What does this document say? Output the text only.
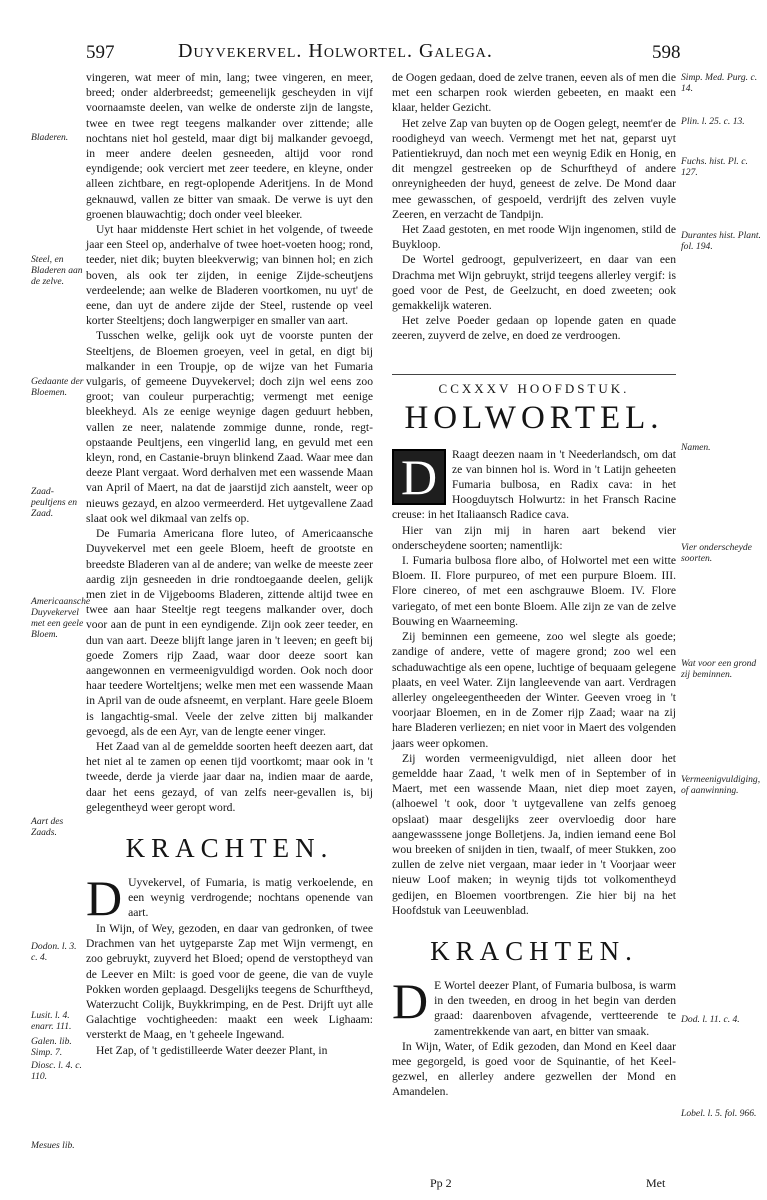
597	Duyvekervel. Holwortel. Galega.	598

vingeren, wat meer of min, lang; twee vingeren, en meer, breed; onder alderbreedst; gemeenelijk gescheyden in vijf voornaamste deelen, van welke de onderste zijn de langste, twee en twee regt teegens malkander over zittende; alle nochtans niet hol gesteld, maar digt bij malkander gevoegd, in meer andere deelen gesneeden, altijd voor rond eyndigende; ook verciert met zeer teedere, en kleyne, onder alleen zichtbare, en regt-oplopende Aderitjens. In de Mond geknauwd, vallen ze bitter van smaak. De verwe is uyt den groenen blauwachtig; doch onder veel bleeker.

Uyt haar middenste Hert schiet in het volgende, of tweede jaar een Steel op, anderhalve of twee hoet-voeten hoog; rond, teeder, niet dik; buyten bleekverwig; van binnen hol; en zich boven, als ook ter zijden, in eenige Zijde-scheutjens verdeelende; aan welke de Bladeren voortkomen, nu uyt' de eene, dan uyt de andere zijde der Steel, rustende op veel korter Steeltjens; doch langwerpiger en smaller van aart.

Tusschen welke, gelijk ook uyt de voorste punten der Steeltjens, de Bloemen groeyen, veel in getal, en digt bij malkander in een Troupje, op de wijze van het Fumaria vulgaris, of gemeene Duyvekervel; doch zijn wel eens zoo groot; van couleur purperachtig; vermengt met eenige bleekheyd. Als ze eenige weynige dagen geduurt hebben, vallen ze neer, nalatende zommige dunne, ronde, regt-opstaande Peultjens, een vingerlid lang, en gevuld met een kleyn, rond, en Castanie-bruyn blinkend Zaad. Waar mee dan deeze Plant vergaat. Word derhalven met een wassende Maan van April of Maert, na dat de jaarstijd zich aanstelt, weer op nieuws gezayd, en alzoo vermeerderd. Het uytgevallene Zaad slaat ook wel dikmaal van zelfs op.

De Fumaria Americana flore luteo, of Americaansche Duyvekervel met een geele Bloem, heeft de grootste en breedste Bladeren van al de andere; van welke de meeste zeer aardig zijn gesneeden in drie rondtoegaande deelen, gelijk men ziet in de Vijgebooms Bladeren, zittende altijd twee en twee aan haar Steeltje regt teegens malkander over, doch voor aan de punt in een eyndigende. Zijn ook zeer teeder, en dun van aart. Deeze blijft lange jaren in 't leeven; en geeft bij goede Zomers rijp Zaad, waar door deeze soort kan aangewonnen en vermeenigvuldigd worden. Ook noch door haar teedere Worteltjens; welke men met een wassende Maan in April van de oude afsneemt, en verplant. Hare geele Bloem is langachtig-smal. Veele der zelve zitten bij malkander gevoegd, als de een Ayr, van de lengte eener vinger.

Het Zaad van al de gemeldde soorten heeft deezen aart, dat het niet al te zamen op eenen tijd voortkomt; maar ook in 't tweede, derde ja vierde jaar daar na, indien maar de aarde, daar het eens gezayd, of van zelfs neer-gevallen is, bij gelegentheyd weer geropt word.

KRACHTEN.

D Uyvekervel, of Fumaria, is matig verkoelende, en een weynig verdrogende; nochtans openende van aart.

In Wijn, of Wey, gezoden, en daar van gedronken, of twee Drachmen van het uytgeparste Zap met Wijn vermengt, en zoo gebruykt, zuyverd het Bloed; opend de verstoptheyd van de Leever en Milt: is goed voor de geene, die van de vuyle Pokken worden geplaagd. Desgelijks teegens de Schurftheyd, Waterzucht Colijk, Buykkrimping, en de Pest. Drijft uyt alle Galachtige vochtigheeden: maakt een week Lighaam: versterkt de Maag, en 't geheele Ingewand.

Het Zap, of 't gedistilleerde Water deezer Plant, in

de Oogen gedaan, doed de zelve tranen, eeven als of men die met een scharpen rook wierden gebeeten, en maakt een klaar, helder Gezicht.

Het zelve Zap van buyten op de Oogen gelegt, neemt'er de roodigheyd van weech. Vermengt met het nat, geparst uyt Patientiekruyd, dan noch met een weynig Edik en Honig, en dit mengzel gestreeken op de Schurftheyd of andere onreynigheeden der huyd, geneest de zelve. De Mond daar mee gewasschen, of gespoeld, verdrijft des zelven vuyle Zeeren, en verzacht de Tandpijn.

Het Zaad gestoten, en met roode Wijn ingenomen, stild de Buykloop.

De Wortel gedroogt, gepulverizeert, en daar van een Drachma met Wijn gebruykt, strijd teegens allerley vergif: is goed voor de Pest, de Geelzucht, en doed zweeten; ook gemakkelijk wateren.

Het zelve Poeder gedaan op lopende gaten en quade zeeren, zuyverd de zelve, en doed ze verdroogen.

CCXXXV HOOFDSTUK.
HOLWORTEL.

D	Raagt deezen naam in 't Neederlandsch, om dat ze van binnen hol is. Word in 't Latijn geheeten Fumaria bulbosa, en Radix cava: in het Hoogduytsch Holwurtz: in het Fransch Racine creuse: in het Italiaansch Radice cava.

Hier van zijn mij in haren aart bekend vier onderscheydene soorten; namentlijk:

I. Fumaria bulbosa flore albo, of Holwortel met een witte Bloem. II. Flore purpureo, of met een purpure Bloem. III. Flore cinereo, of met een aschgrauwe Bloem. IV. Flore variegato, of met een bonte Bloem. Alle zijn ze van de zelve Bouwing en Waarneeming.

Zij beminnen een gemeene, zoo wel slegte als goede; zandige of andere, vette of magere grond; zoo wel een schaduwachtige als een opene, luchtige of bequaam gelegene plaats, en veel Water. Zijn langleevende van aart. Verdragen allerley ongeleegentheeden der Winter. Geeven vroeg in 't voorjaar Bloemen, en in de Zomer rijp Zaad; waar na zij hare Bladeren verliezen; en niet voor in Maert des volgenden jaars weer opkomen.

Zij worden vermeenigvuldigd, niet alleen door het gemeldde haar Zaad, 't welk men of in September of in Maert, met een wassende Maan, niet diep moet zayen, (alhoewel 't ook, door 't uytgevallene van zelfs genoeg opslaat) maar desgelijks zeer overvloedig door hare aangewasssene jonge Bolletjens. Ja, indien iemand eene Bol wou breeken of snijden in tien, twaalf, of meer Stukken, zoo zullen de zelve niet vergaan, maar ieder in 't Voorjaar weer nieuw Loof maken; in weynig tijds tot volkomentheyd gedijen, en Bloemen voortbrengen. Zie hier bij na het Hoofdstuk van Leeuwenblad.

KRACHTEN.

D E Wortel deezer Plant, of Fumaria bulbosa, is warm in den tweeden, en droog in het begin van derden graad: daarenboven afvagende, vertteerende te zamentrekkende van aart, en bitter van smaak.

In Wijn, Water, of Edik gezoden, dan Mond en Keel daar mee gegorgeld, is goed voor de Squinantie, of het Keel-gezwel, en allerley andere gezwellen der Mond en Amandelen.

Bladeren.
Steel, en Bladeren aan de zelve.
Gedaante der Bloemen.
Zaad-peultjens en Zaad.
Americaansche Duyvekervel met een geele Bloem.
Aart des Zaads.
Dodon. l. 3. c. 4.
Lusit. l. 4. enarr. 111.
Galen. lib. Simp. 7.
Diosc. l. 4. c. 110.
Mesues lib.
Simp. Med. Purg. c. 14.
Plin. l. 25. c. 13.
Fuchs. hist. Pl. c. 127.
Durantes hist. Plant. fol. 194.
Namen.
Vier onderscheyde soorten.
Wat voor een grond zij beminnen.
Vermeenigvuldiging, of aanwinning.
Dod. l. 11. c. 4.
Lobel. l. 5. fol. 966.
Pp 2	Met
